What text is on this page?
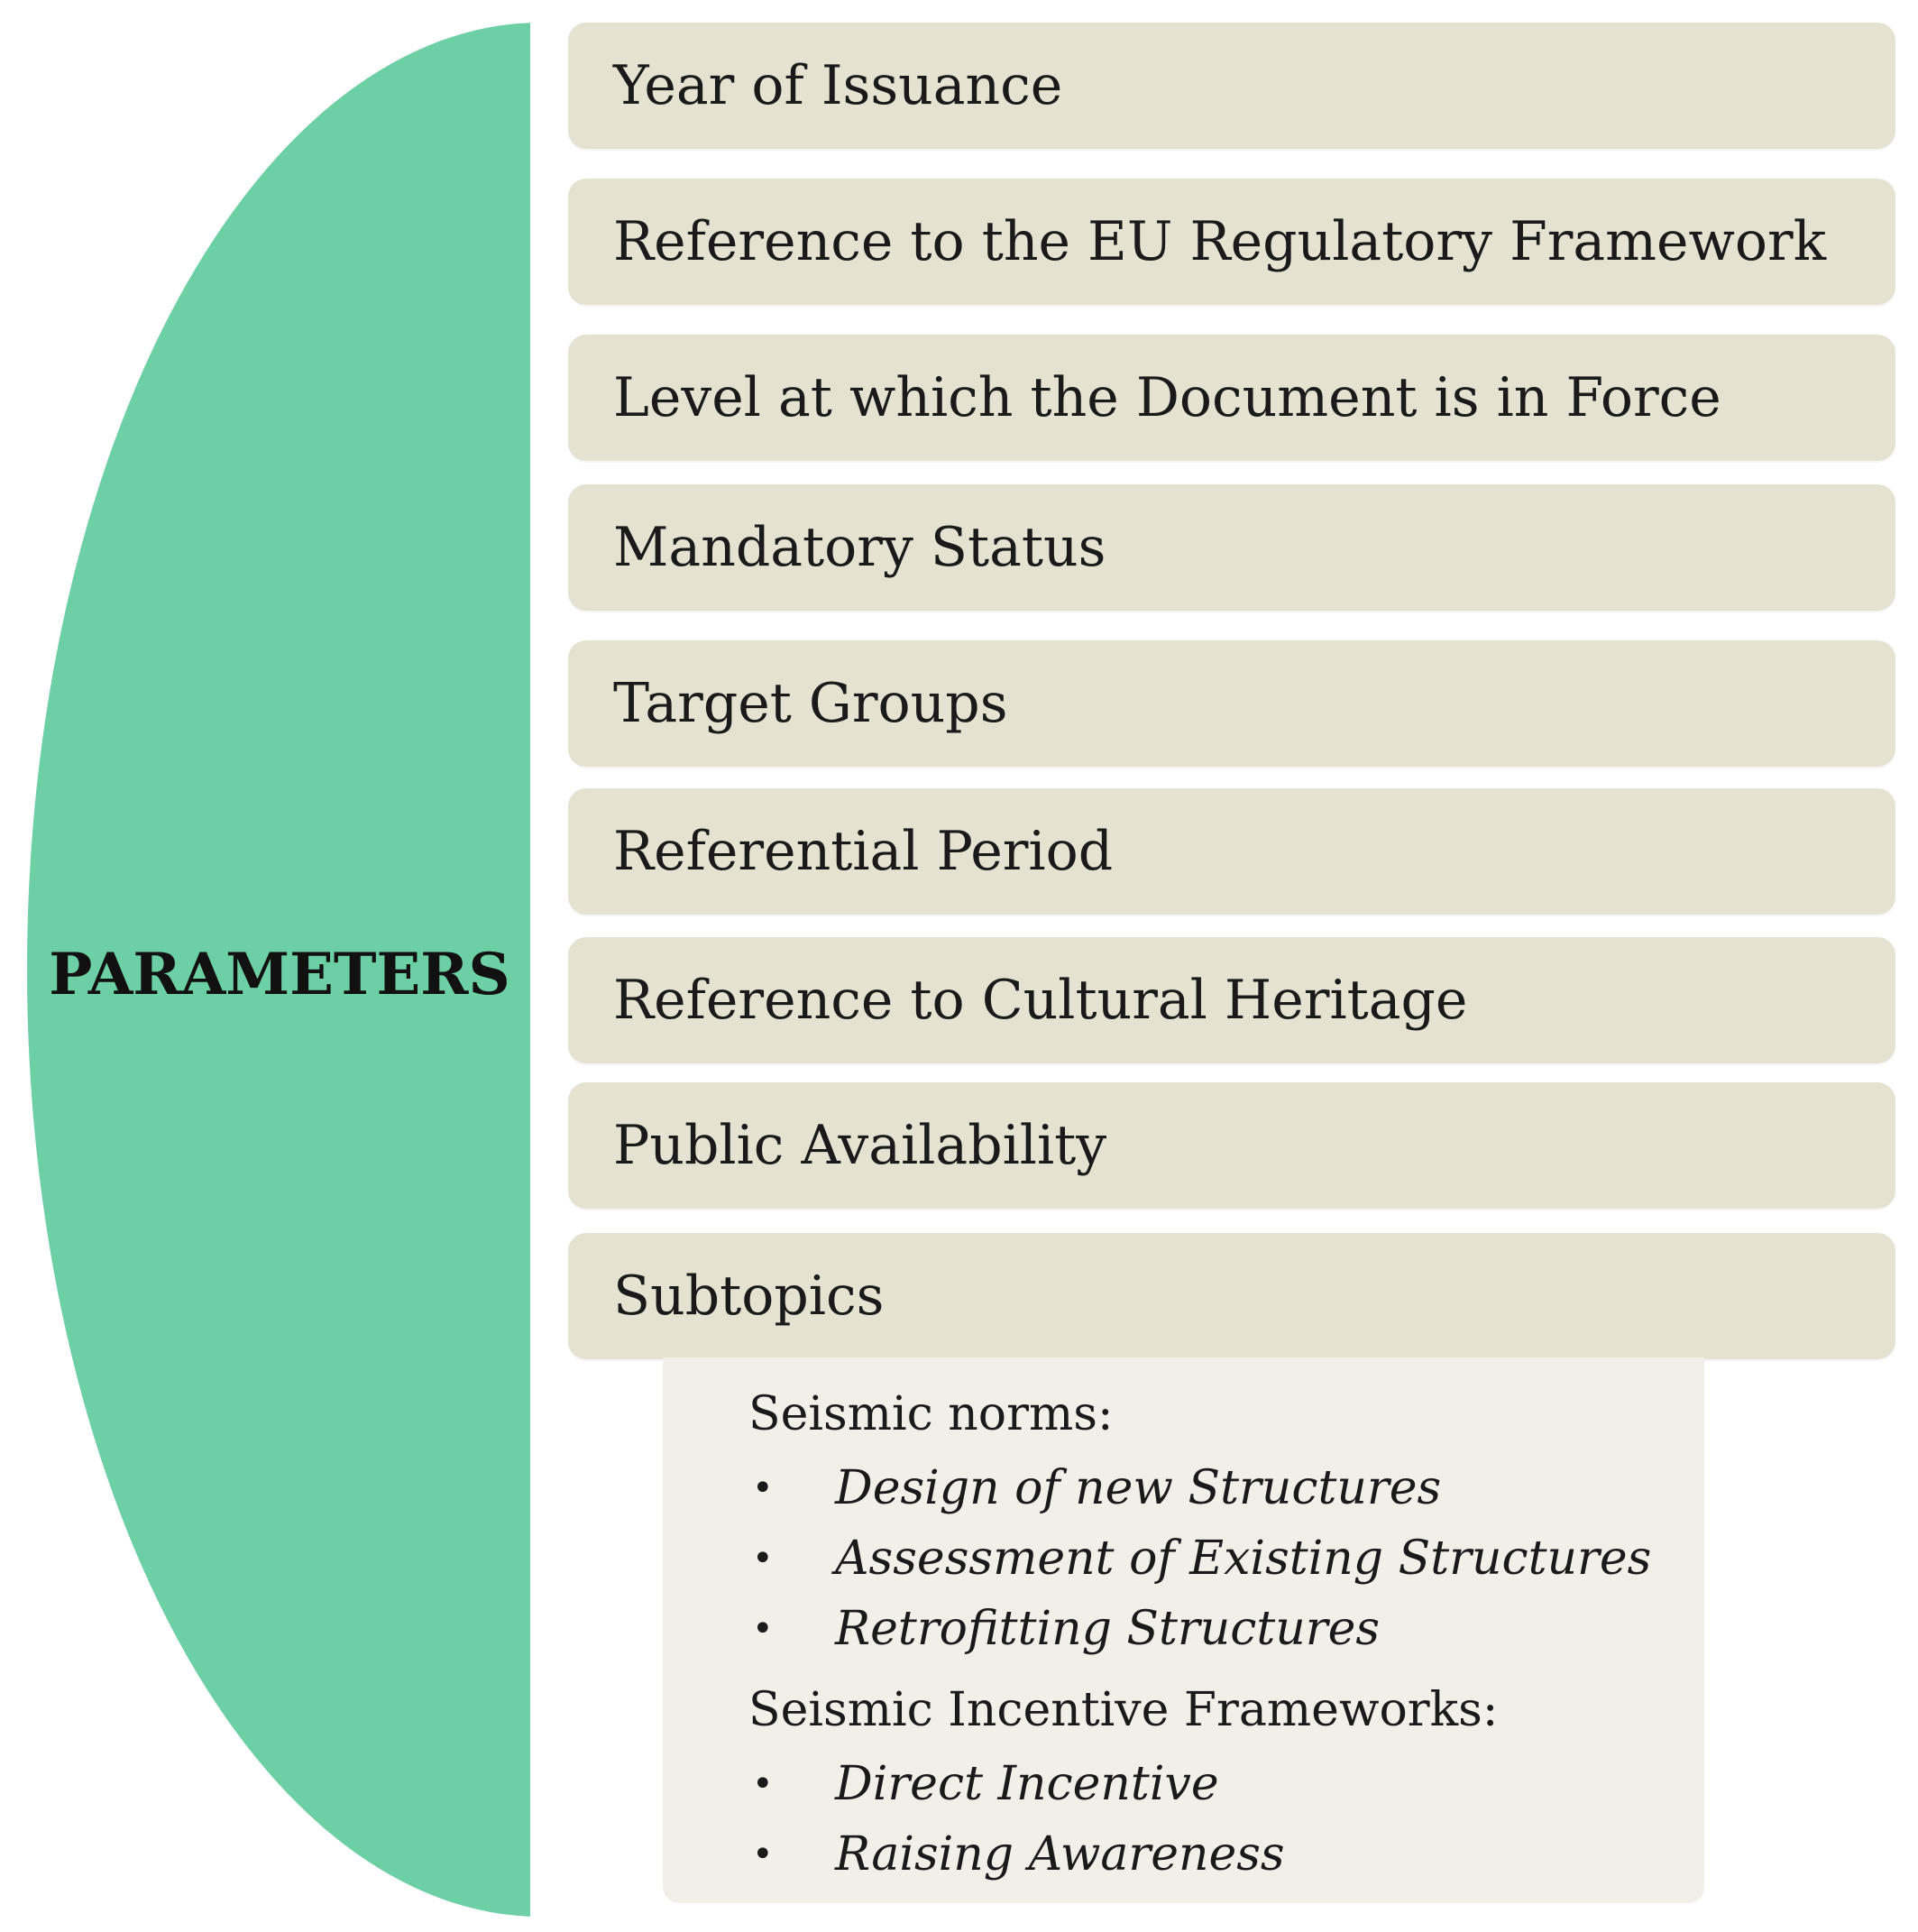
PARAMETERS
Year of Issuance
Reference to the EU Regulatory Framework
Level at which the Document is in Force
Mandatory Status
Target Groups
Referential Period
Reference to Cultural Heritage
Public Availability
Subtopics
Seismic norms:
•	Design of new Structures
•	Assessment of Existing Structures
•	Retrofitting Structures
Seismic Incentive Frameworks:
•	Direct Incentive
•	Raising Awareness
